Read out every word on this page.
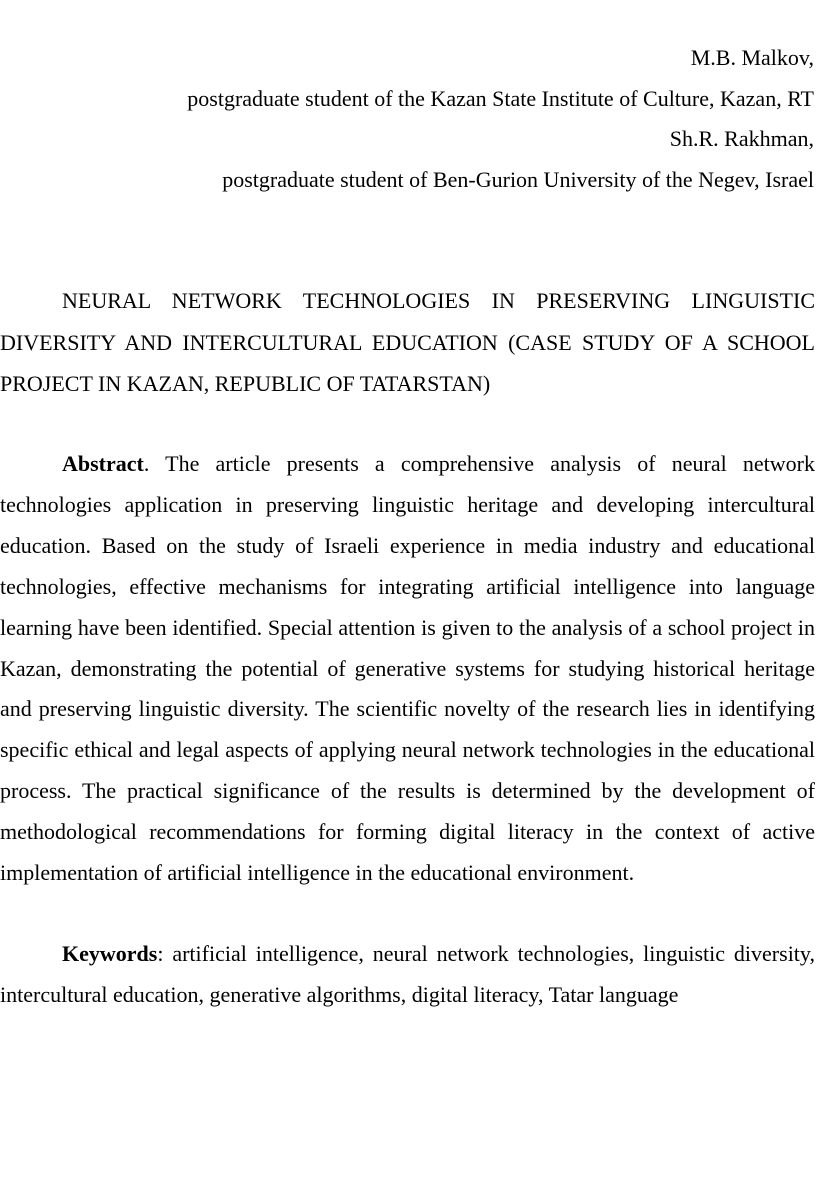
M.B. Malkov,
postgraduate student of the Kazan State Institute of Culture, Kazan, RT
Sh.R. Rakhman,
postgraduate student of Ben-Gurion University of the Negev, Israel
NEURAL NETWORK TECHNOLOGIES IN PRESERVING LINGUISTIC DIVERSITY AND INTERCULTURAL EDUCATION (CASE STUDY OF A SCHOOL PROJECT IN KAZAN, REPUBLIC OF TATARSTAN)

Abstract. The article presents a comprehensive analysis of neural network technologies application in preserving linguistic heritage and developing intercultural education. Based on the study of Israeli experience in media industry and educational technologies, effective mechanisms for integrating artificial intelligence into language learning have been identified. Special attention is given to the analysis of a school project in Kazan, demonstrating the potential of generative systems for studying historical heritage and preserving linguistic diversity. The scientific novelty of the research lies in identifying specific ethical and legal aspects of applying neural network technologies in the educational process. The practical significance of the results is determined by the development of methodological recommendations for forming digital literacy in the context of active implementation of artificial intelligence in the educational environment.

Keywords: artificial intelligence, neural network technologies, linguistic diversity, intercultural education, generative algorithms, digital literacy, Tatar language
